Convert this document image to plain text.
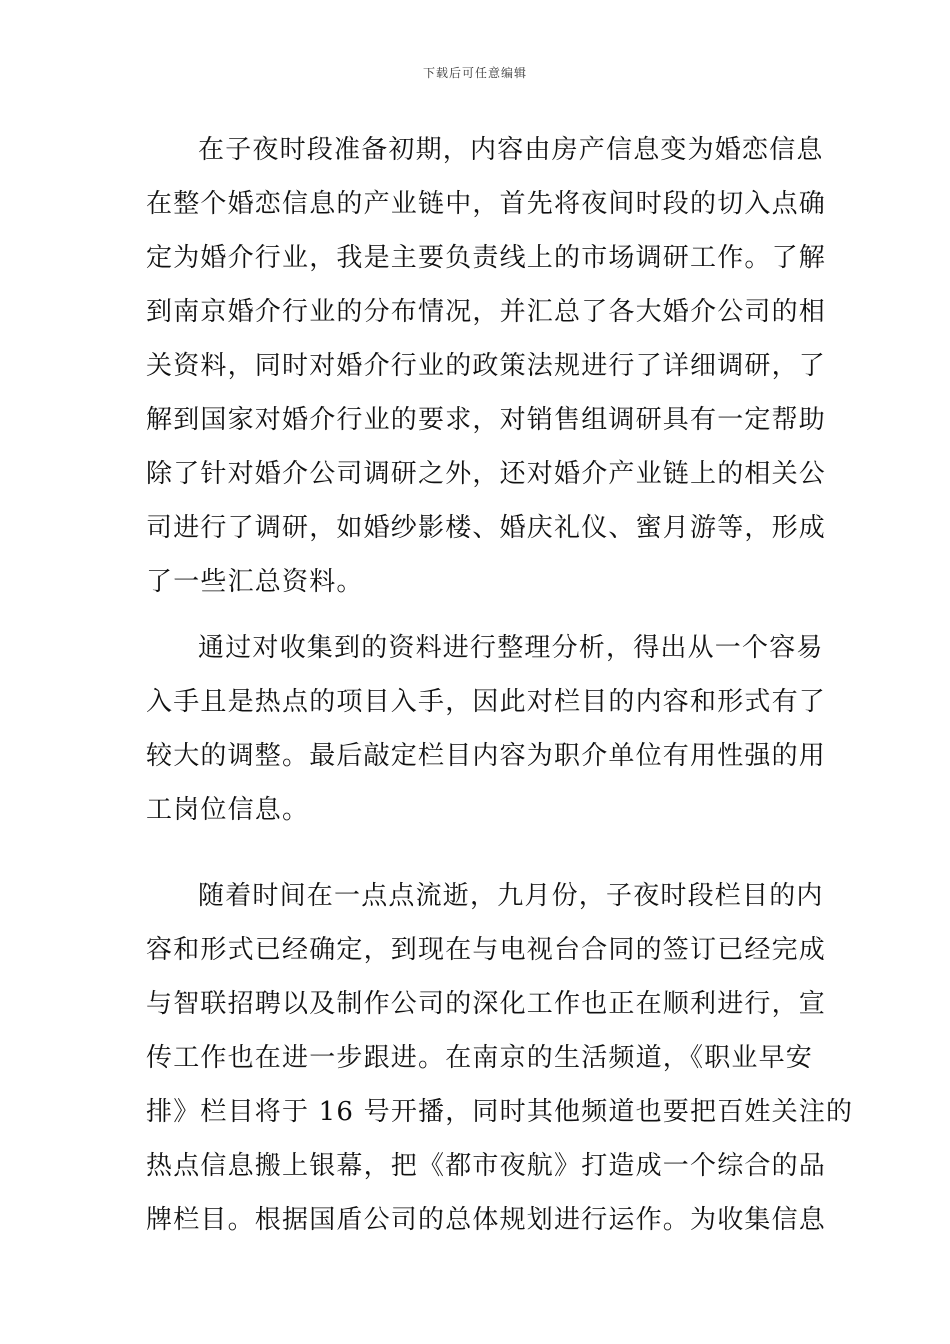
下载后可任意编辑
在子夜时段准备初期，内容由房产信息变为婚恋信息
在整个婚恋信息的产业链中，首先将夜间时段的切入点确
定为婚介行业，我是主要负责线上的市场调研工作。了解
到南京婚介行业的分布情况，并汇总了各大婚介公司的相
关资料，同时对婚介行业的政策法规进行了详细调研，了
解到国家对婚介行业的要求，对销售组调研具有一定帮助
除了针对婚介公司调研之外，还对婚介产业链上的相关公
司进行了调研，如婚纱影楼、婚庆礼仪、蜜月游等，形成
了一些汇总资料。
通过对收集到的资料进行整理分析，得出从一个容易
入手且是热点的项目入手，因此对栏目的内容和形式有了
较大的调整。最后敲定栏目内容为职介单位有用性强的用
工岗位信息。
随着时间在一点点流逝，九月份，子夜时段栏目的内
容和形式已经确定，到现在与电视台合同的签订已经完成
与智联招聘以及制作公司的深化工作也正在顺利进行，宣
传工作也在进一步跟进。在南京的生活频道，《职业早安
排》栏目将于 16 号开播，同时其他频道也要把百姓关注的
热点信息搬上银幕，把《都市夜航》打造成一个综合的品
牌栏目。根据国盾公司的总体规划进行运作。为收集信息
